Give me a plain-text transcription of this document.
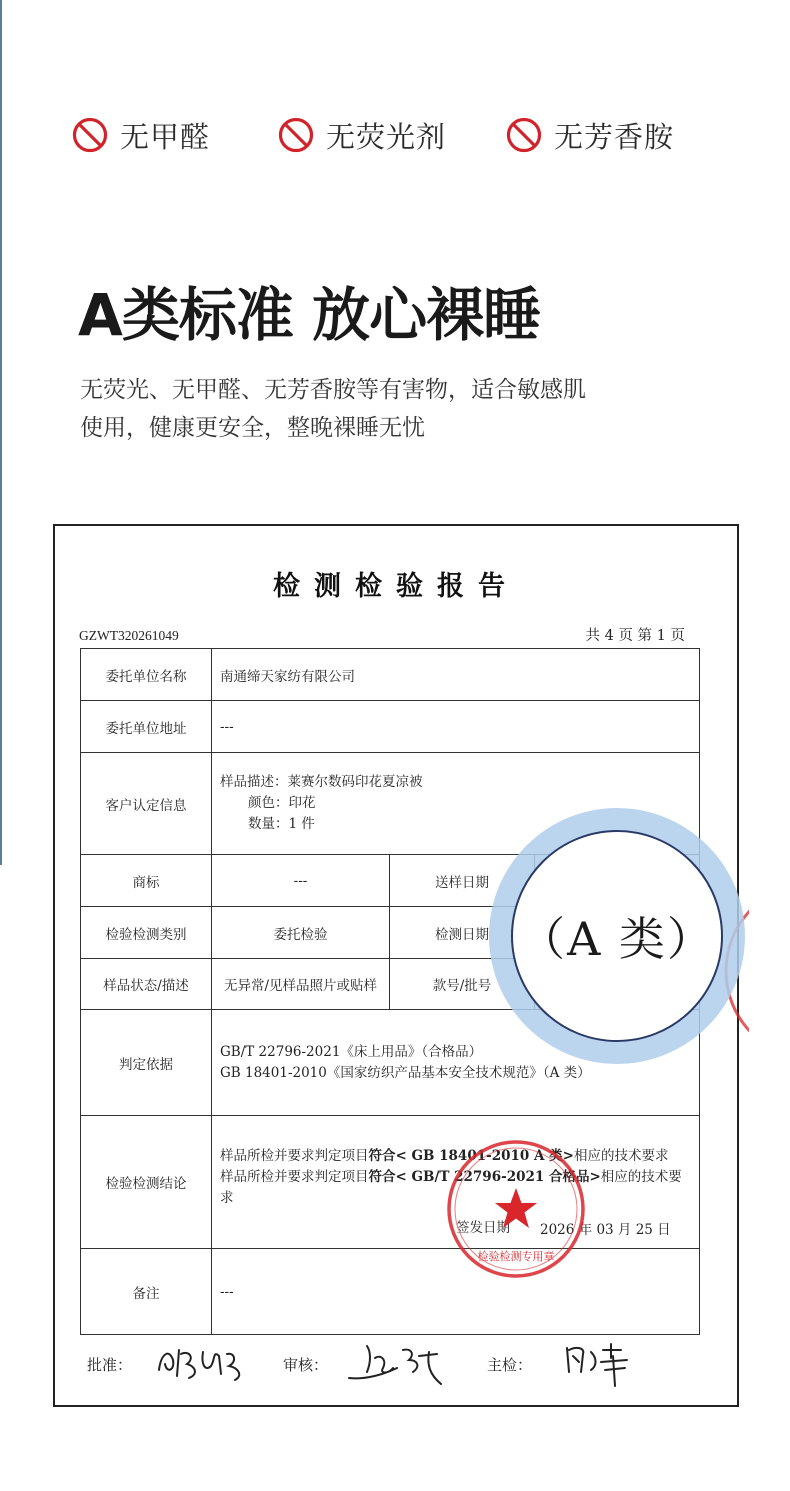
无甲醛	无荧光剂	无芳香胺
A类标准 放心裸睡
无荧光、无甲醛、无芳香胺等有害物，适合敏感肌
使用，健康更安全，整晚裸睡无忧
检测检验报告
GZWT320261049	共 4 页 第 1 页
委托单位名称	南通缔天家纺有限公司		
委托单位地址	---		
客户认定信息	样品描述：莱赛尔数码印花夏凉被
颜色：印花
数量：1 件		

商标	---	送样日期	
检验检测类别	委托检验	检测日期	
样品状态/描述	无异常/见样品照片或贴样	款号/批号	
判定依据	GB/T 22796-2021《床上用品》（合格品）
GB 18401-2010《国家纺织产品基本安全技术规范》（A 类）		

检验检测结论	样品所检并要求判定项目符合< GB 18401-2010 A 类>相应的技术要求
样品所检并要求判定项目符合< GB/T 22796-2021 合格品>相应的技术要求
签发日期 2026 年 03 月 25 日		

备注	---		
检验检测专用章
批准：	审核：	主检：
（A 类）
